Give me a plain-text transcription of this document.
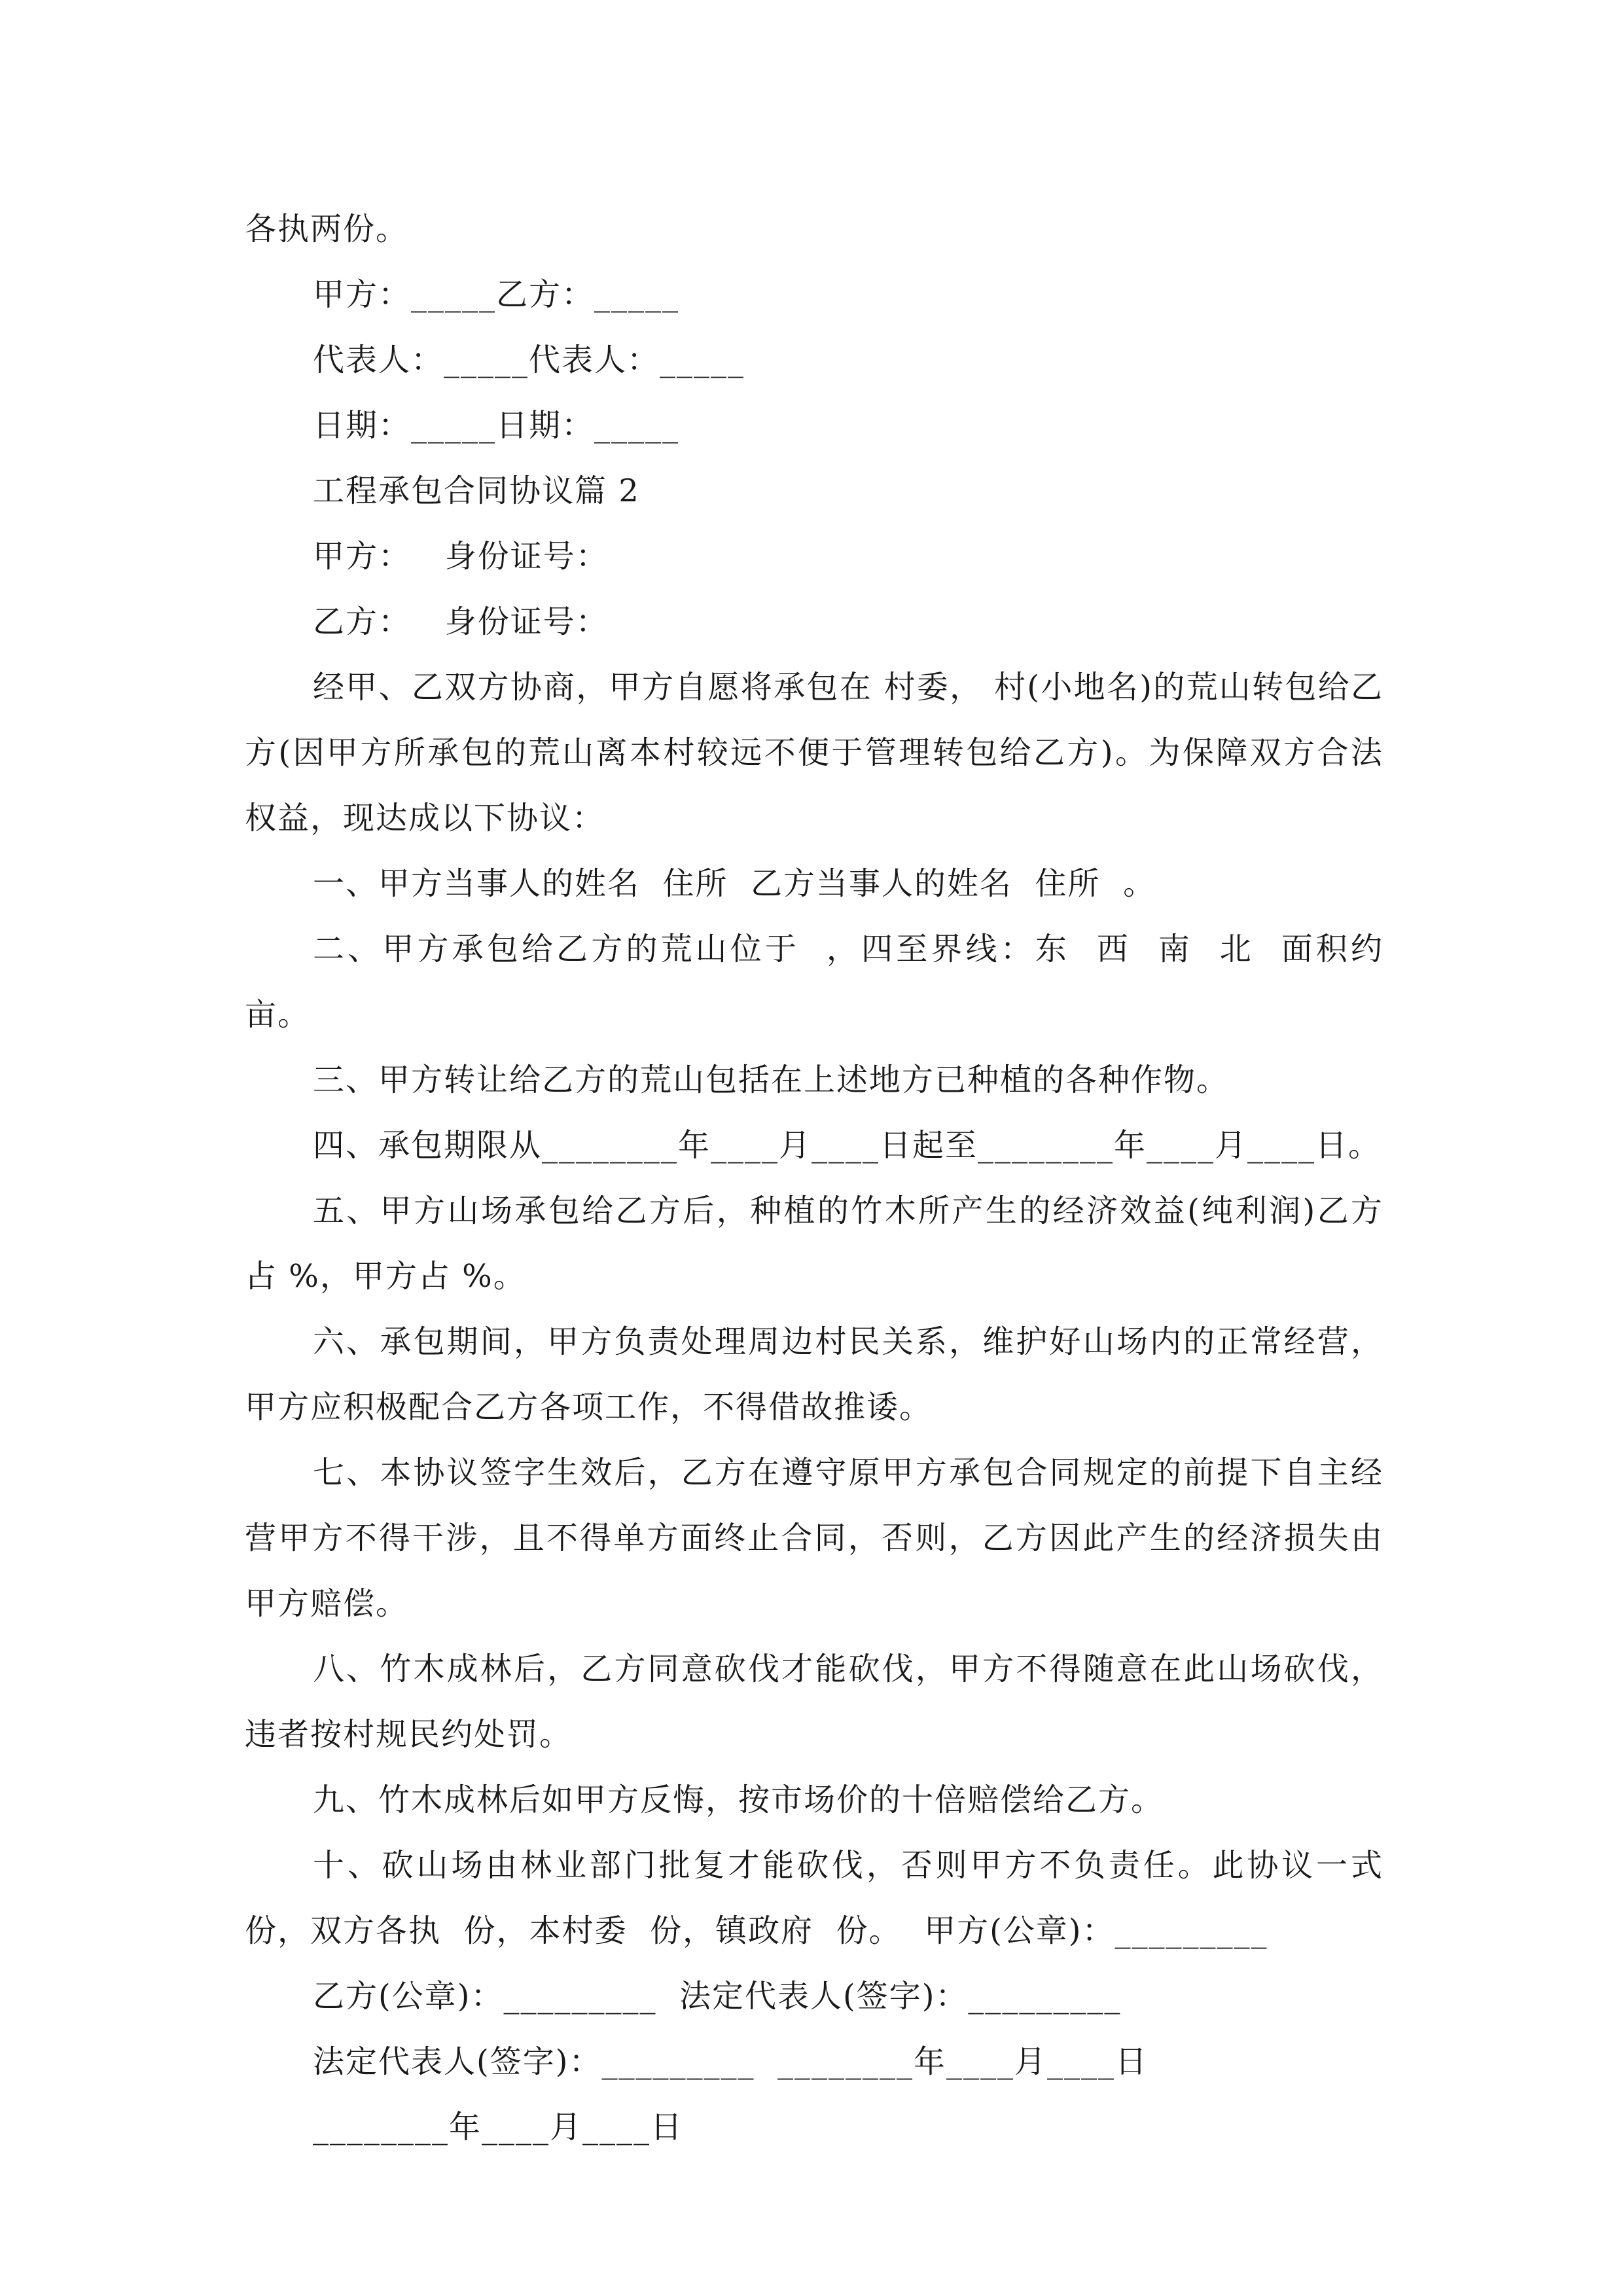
各执两份。

甲方：_____乙方：_____

代表人：_____代表人：_____

日期：_____日期：_____

工程承包合同协议篇 2

甲方：   身份证号：

乙方：   身份证号：

经甲、乙双方协商，甲方自愿将承包在 村委， 村(小地名)的荒山转包给乙方(因甲方所承包的荒山离本村较远不便于管理转包给乙方)。为保障双方合法权益，现达成以下协议：

一、甲方当事人的姓名  住所  乙方当事人的姓名  住所  。

二、甲方承包给乙方的荒山位于  ，四至界线：东  西  南  北  面积约  亩。

三、甲方转让给乙方的荒山包括在上述地方已种植的各种作物。

四、承包期限从________年____月____日起至________年____月____日。

五、甲方山场承包给乙方后，种植的竹木所产生的经济效益(纯利润)乙方占 %，甲方占 %。

六、承包期间，甲方负责处理周边村民关系，维护好山场内的正常经营，甲方应积极配合乙方各项工作，不得借故推诿。

七、本协议签字生效后，乙方在遵守原甲方承包合同规定的前提下自主经营甲方不得干涉，且不得单方面终止合同，否则，乙方因此产生的经济损失由甲方赔偿。

八、竹木成林后，乙方同意砍伐才能砍伐，甲方不得随意在此山场砍伐，违者按村规民约处罚。

九、竹木成林后如甲方反悔，按市场价的十倍赔偿给乙方。

十、砍山场由林业部门批复才能砍伐，否则甲方不负责任。此协议一式份，双方各执  份，本村委  份，镇政府  份。  甲方(公章)：_________

乙方(公章)：_________  法定代表人(签字)：_________

法定代表人(签字)：_________  ________年____月____日

________年____月____日
